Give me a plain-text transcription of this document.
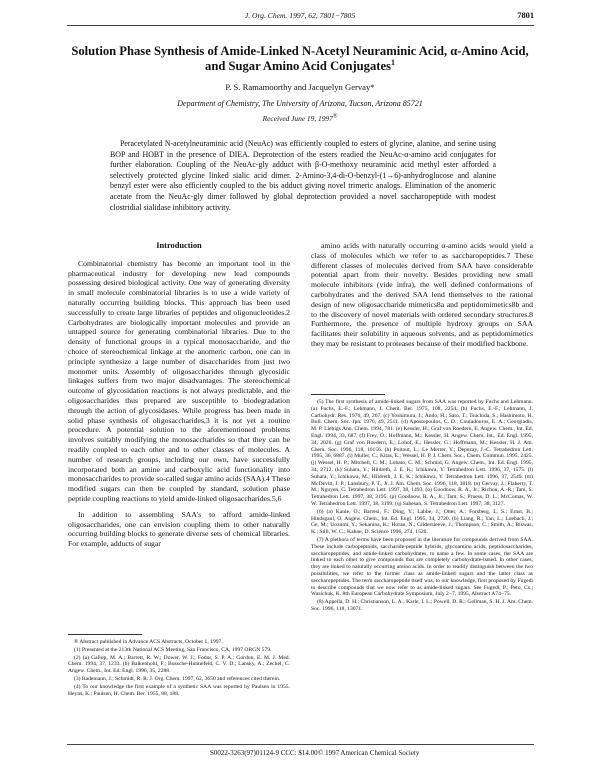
J. Org. Chem. 1997, 62, 7801−7805	7801
Solution Phase Synthesis of Amide-Linked N-Acetyl Neuraminic Acid, α-Amino Acid, and Sugar Amino Acid Conjugates$^1$
P. S. Ramamoorthy and Jacquelyn Gervay*
Department of Chemistry, The University of Arizona, Tucson, Arizona 85721
Received June 19, 1997®
Peracetylated N-acetylneuraminic acid (NeuAc) was efficiently coupled to esters of glycine, alanine, and serine using BOP and HOBT in the presence of DIEA. Deprotection of the esters readied the NeuAc-α-amino acid conjugates for further elaboration. Coupling of the NeuAc-gly adduct with β-O-methoxy neuraminic acid methyl ester afforded a selectively protected glycine linked sialic acid dimer. 2-Amino-3,4-di-O-benzyl-(1→6)-anhydroglucose and alanine benzyl ester were also efficiently coupled to the bis adduct giving novel trimeric analogs. Elimination of the anomeric acetate from the NeuAc-gly dimer followed by global deprotection provided a novel saccharopeptide with modest clostridial sialidase inhibitory activity.
Introduction

Combinatorial chemistry has become an important tool in the pharmaceutical industry for developing new lead compounds possessing desired biological activity. One way of generating diversity in small molecule combinatorial libraries is to use a wide variety of naturally occurring building blocks. This approach has been used successfully to create large libraries of peptides and oligonucleotides.2 Carbohydrates are biologically important molecules and provide an untapped source for generating combinatorial libraries. Due to the density of functional groups in a typical monosaccharide, and the choice of stereochemical linkage at the anomeric carbon, one can in principle synthesize a large number of disaccharides from just two monomer units. Assembly of oligosaccharides through glycosidic linkages suffers from two major disadvantages. The stereochemical outcome of glycosidation reactions is not always predictable, and the oligosaccharides thus prepared are susceptible to biodegradation through the action of glycosidases. While progress has been made in solid phase synthesis of oligosaccharides,3 it is not yet a routine procedure. A potential solution to the aforementioned problems involves suitably modifying the monosaccharides so that they can be readily coupled to each other and to other classes of molecules. A number of research groups, including our own, have successfully incorporated both an amine and carboxylic acid functionality into monosaccharides to provide so-called sugar amino acids (SAA).4 These modified sugars can then be coupled by standard, solution phase peptide coupling reactions to yield amide-linked oligosaccharides.5,6

In addition to assembling SAA's to afford amide-linked oligosaccharides, one can envision coupling them to other naturally occurring building blocks to generate diverse sets of chemical libraries. For example, adducts of sugar

amino acids with naturally occurring α-amino acids would yield a class of molecules which we refer to as saccharopeptides.7 These different classes of molecules derived from SAA have considerable potential apart from their novelty. Besides providing new small molecule inhibitors (vide infra), the well defined conformations of carbohydrates and the derived SAA lend themselves to the rational design of new oligosaccharide mimetics8a and peptidomimetics8b and to the discovery of novel materials with ordered secondary structures.8 Furthermore, the presence of multiple hydroxy groups on SAA facilitates their solubility in aqueous solvents, and as peptidomimetics they may be resistant to proteases because of their modified backbone.

® Abstract published in Advance ACS Abstracts, October 1, 1997.

(1) Presented at the 213th National ACS Meeting, San Francisco, CA, 1997 ORGN 579.

(2) (a) Gallop, M. A.; Barrett, R. W.; Dower, W. J.; Fodor, S. P. A.; Gordon, E. M. J. Med. Chem. 1994, 37, 1233. (b) Balkenhohl, F.; Bussche-Hunnefeld, C. V. D.; Lansky, A.; Zechel, C. Angew. Chem., Int. Ed. Engl. 1996, 35, 2288.

(3) Rademann, J.; Schmidt, R. R. J. Org. Chem. 1997, 62, 3650 and references cited therein.

(4) To our knowledge the first example of a synthetic SAA was reported by Paulsen in 1955. Heyns, K.; Paulsen, H. Chem. Ber. 1955, 88, 188.

(5) The first synthesis of amide-linked sugars from SAA was reported by Fuchs and Lehmann. (a) Fuchs, E.-F.; Lehmann, J. Chem. Ber. 1975, 108, 2254. (b) Fuchs, E.-F.; Lehmann, J. Carbohydr. Res. 1976, 49, 267. (c) Yoshimura, J.; Ando, H.; Sato, T.; Tsuchida, S.; Hashimoto, H. Bull. Chem. Soc. Jpn. 1976, 49, 2511. (d) Apostopoulos, C. D.; Couladouros, E. A.; Georgiadis, M. P. Liebigs Ann. Chem. 1994, 781. (e) Kessler, H.; Graf von Roedern, E. Angew. Chem., Int. Ed. Engl. 1994, 33, 687. (f) Frey, O.; Hoffmann, M.; Kessler, H. Angew. Chem. Int., Ed. Engl. 1995, 34, 2026. (g) Graf von Roedern, E.; Lohof, E.; Hessler, G.; Hoffmann, M.; Kessler, H. J. Am. Chem. Soc. 1996, 118, 10156. (h) Poitout, L.; Le Merrer, Y.; Depezay, J.-C. Tetrahedron Lett. 1995, 36, 6887. (i) Muller, C.; Kitas, E.; Wessel, H. P. J. Chem. Soc., Chem. Commun. 1995, 2425. (j) Wessel, H. P.; Mitchell, C. M.; Lobato, C. M.; Schmid, G. Angew. Chem., Int. Ed. Engl. 1995, 34, 2712. (k) Suhara, Y.; Hildreth, J. E. K.; Ichikawa, Y. Tetrahedron Lett. 1996, 37, 1575. (l) Suhara, Y.; Ichikawa, M.; Hildreth, J. E. K.; Ichikawa, Y. Tetrahedron Lett. 1996, 37, 2549. (m) McDevitt, J. P.; Lansbury, P. T., Jr. J. Am. Chem. Soc. 1996, 118, 3818. (n) Gervay, J.; Flaherty, T. M.; Nguyen, C. Tetrahedron Lett. 1997, 38, 1493. (o) Goodnow, R. A., Jr.; Richou, A.-R.; Tam, S. Tetrahedron Lett. 1997, 38, 3195. (p) Goodnow, R. A., Jr.; Tam, S.; Pruess, D. L.; McComas, W. W. Tetrahedron Lett. 1997, 38, 3199. (q) Sabesan, S. Tetrahedron Lett. 1997, 38, 3127.

(6) (a) Kanie, O.; Barresi, F.; Ding, Y.; Labbe, J.; Otter, A.; Forsberg, L. S.; Ernst, B.; Hindsgaul, O. Angew. Chem., Int. Ed. Engl. 1995, 34, 2720. (b) Liang, R.; Yan, L.; Loebach, J.; Ge, M.; Uozumi, Y.; Sekanina, K.; Horan, N.; Gildersleeve, J.; Thompson, C.; Smith, A.; Biswas, K.; Still, W. C.; Kahne, D. Science 1996, 274, 1520.

(7) A plethora of terms have been proposed in the literature for compounds derived from SAA. These include carbopeptoids, saccharide-peptide hybrids, glycoamino acids, peptidosaccharides, saccharopeptides, and amide-linked carbohydrates, to name a few. In some cases, the SAA are linked to each other to give compounds that are completely carbohydrate-based. In other cases, they are linked to naturally occurring amino acids. In order to readily distinguish between the two possibilities, we refer to the former class as amide-linked sugars and the latter class as saccharopeptides. The term saccharopeptide itself was, to our knowledge, first proposed by Fugedi to describe compounds that we now refer to as amide-linked sugars. See Fugedi, P.; Peto, Cs.; Wasichuk, K. 8th European Carbohydrate Symposium, July 2−7, 1995, Abstract A74−75.

(8) Appella, D. H.; Christianson, L. A.; Karle, I. L.; Powell, D. R.; Gellman, S. H. J. Am. Chem. Soc. 1996, 118, 13071.

S0022-3263(97)01124-9 CCC: $14.00 © 1997 American Chemical Society
